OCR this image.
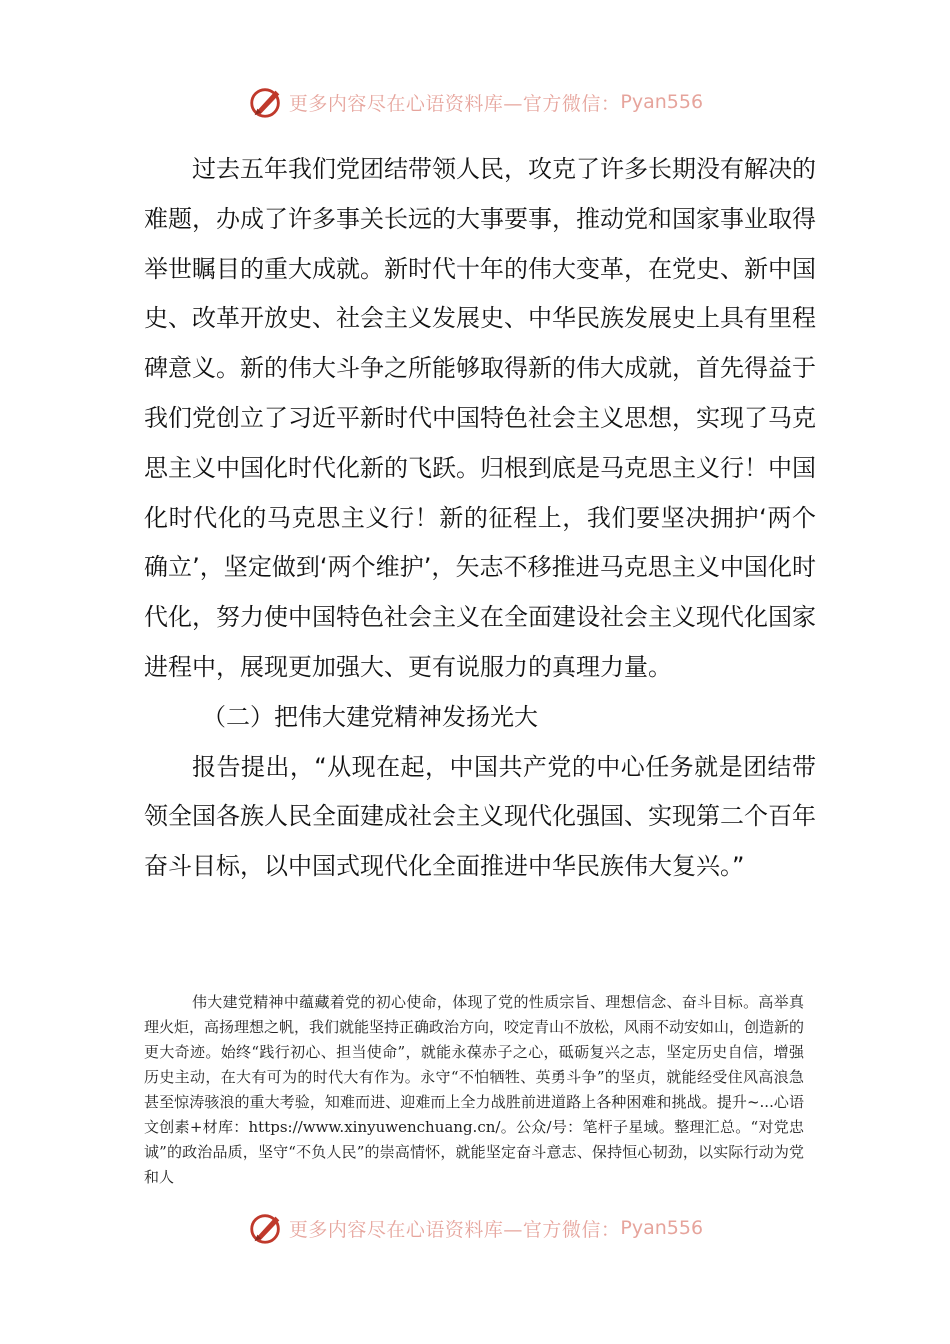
更多内容尽在心语资料库—官方微信： Pyan556

过去五年我们党团结带领人民，攻克了许多长期没有解决的难题，办成了许多事关长远的大事要事，推动党和国家事业取得举世瞩目的重大成就。新时代十年的伟大变革，在党史、新中国史、改革开放史、社会主义发展史、中华民族发展史上具有里程碑意义。新的伟大斗争之所能够取得新的伟大成就，首先得益于我们党创立了习近平新时代中国特色社会主义思想，实现了马克思主义中国化时代化新的飞跃。归根到底是马克思主义行！中国化时代化的马克思主义行！新的征程上，我们要坚决拥护‘两个确立’，坚定做到‘两个维护’，矢志不移推进马克思主义中国化时代化，努力使中国特色社会主义在全面建设社会主义现代化国家进程中，展现更加强大、更有说服力的真理力量。

（二）把伟大建党精神发扬光大

报告提出，“从现在起，中国共产党的中心任务就是团结带领全国各族人民全面建成社会主义现代化强国、实现第二个百年奋斗目标，以中国式现代化全面推进中华民族伟大复兴。”

伟大建党精神中蕴藏着党的初心使命，体现了党的性质宗旨、理想信念、奋斗目标。高举真理火炬，高扬理想之帆，我们就能坚持正确政治方向，咬定青山不放松，风雨不动安如山，创造新的更大奇迹。始终“践行初心、担当使命”，就能永葆赤子之心，砥砺复兴之志，坚定历史自信，增强历史主动，在大有可为的时代大有作为。永守“不怕牺牲、英勇斗争”的坚贞，就能经受住风高浪急甚至惊涛骇浪的重大考验，知难而进、迎难而上全力战胜前进道路上各种困难和挑战。提升~...心语文创素+材库：https://www.xinyuwenchuang.cn/。公众/号：笔杆子星域。整理汇总。“对党忠诚”的政治品质，坚守“不负人民”的崇高情怀，就能坚定奋斗意志、保持恒心韧劲，以实际行动为党和人

更多内容尽在心语资料库—官方微信： Pyan556
